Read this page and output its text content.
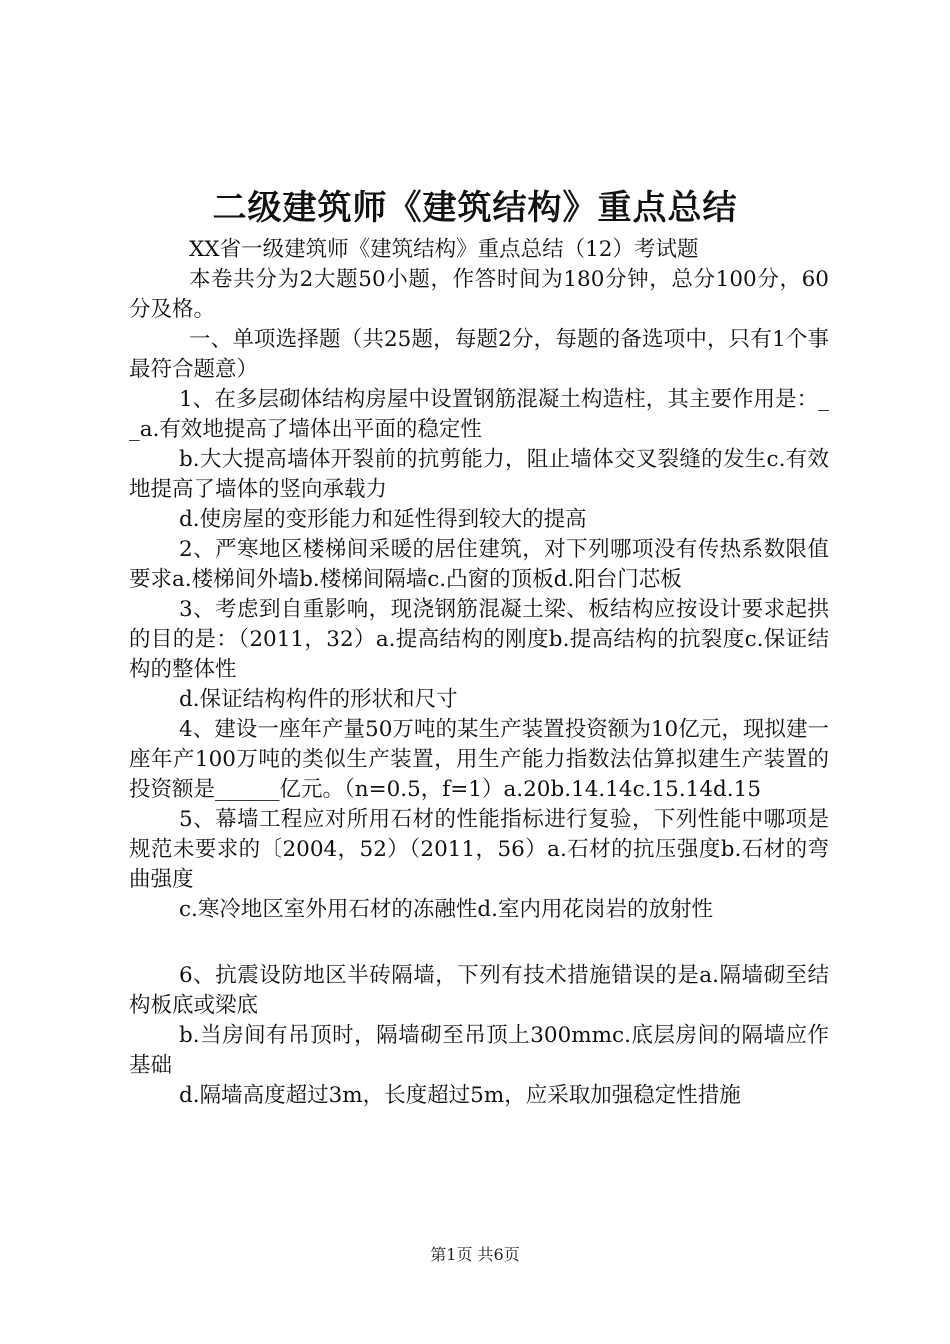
二级建筑师《建筑结构》重点总结

XX省一级建筑师《建筑结构》重点总结（12）考试题

本卷共分为2大题50小题，作答时间为180分钟，总分100分，60分及格。

一、单项选择题（共25题，每题2分，每题的备选项中，只有1个事最符合题意）

1、在多层砌体结构房屋中设置钢筋混凝土构造柱，其主要作用是：__a.有效地提高了墙体出平面的稳定性

b.大大提高墙体开裂前的抗剪能力，阻止墙体交叉裂缝的发生c.有效地提高了墙体的竖向承载力

d.使房屋的变形能力和延性得到较大的提高

2、严寒地区楼梯间采暖的居住建筑，对下列哪项没有传热系数限值要求a.楼梯间外墙b.楼梯间隔墙c.凸窗的顶板d.阳台门芯板

3、考虑到自重影响，现浇钢筋混凝土梁、板结构应按设计要求起拱的目的是：（2011，32）a.提高结构的刚度b.提高结构的抗裂度c.保证结构的整体性

d.保证结构构件的形状和尺寸

4、建设一座年产量50万吨的某生产装置投资额为10亿元，现拟建一座年产100万吨的类似生产装置，用生产能力指数法估算拟建生产装置的投资额是______亿元。（n=0.5，f=1）a.20b.14.14c.15.14d.15

5、幕墙工程应对所用石材的性能指标进行复验，下列性能中哪项是规范未要求的〔2004，52）（2011，56）a.石材的抗压强度b.石材的弯曲强度

c.寒冷地区室外用石材的冻融性d.室内用花岗岩的放射性

6、抗震设防地区半砖隔墙，下列有技术措施错误的是a.隔墙砌至结构板底或梁底

b.当房间有吊顶时，隔墙砌至吊顶上300mmc.底层房间的隔墙应作基础

d.隔墙高度超过3m，长度超过5m，应采取加强稳定性措施

第1页 共6页
